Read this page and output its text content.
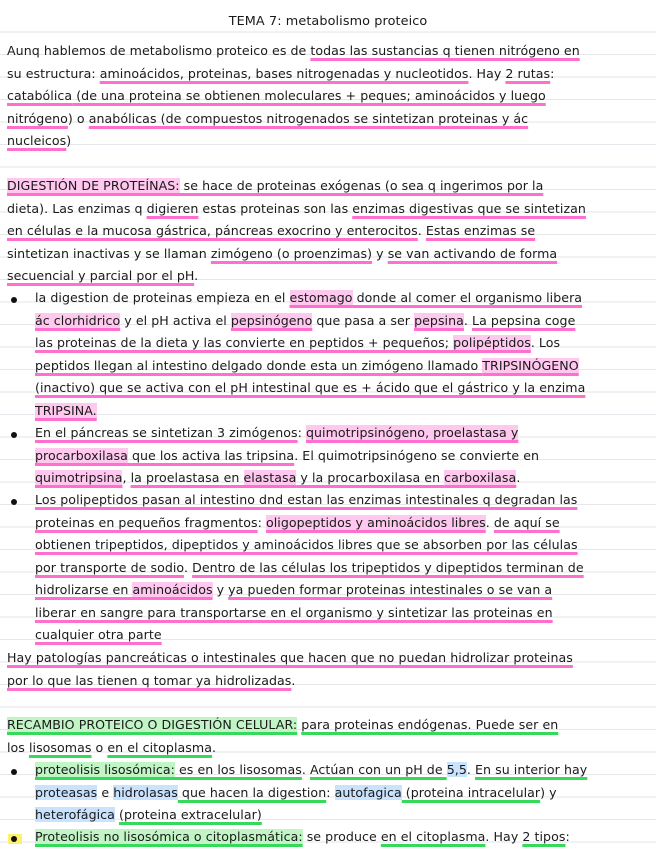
TEMA 7: metabolismo proteico

Aunq hablemos de metabolismo proteico es de todas las sustancias q tienen nitrógeno en
su estructura: aminoácidos, proteinas, bases nitrogenadas y nucleotidos. Hay 2 rutas:
catabólica (de una proteina se obtienen moleculares + peques; aminoácidos y luego
nitrógeno) o anabólicas (de compuestos nitrogenados se sintetizan proteinas y ác
nucleicos)

DIGESTIÓN DE PROTEÍNAS: se hace de proteinas exógenas (o sea q ingerimos por la
dieta). Las enzimas q digieren estas proteinas son las enzimas digestivas que se sintetizan
en células e la mucosa gástrica, páncreas exocrino y enterocitos. Estas enzimas se
sintetizan inactivas y se llaman zimógeno (o proenzimas) y se van activando de forma
secuencial y parcial por el pH.

la digestion de proteinas empieza en el estomago donde al comer el organismo libera
ác clorhidrico y el pH activa el pepsinógeno que pasa a ser pepsina. La pepsina coge
las proteinas de la dieta y las convierte en peptidos + pequeños; polipéptidos. Los
peptidos llegan al intestino delgado donde esta un zimógeno llamado TRIPSINÓGENO
(inactivo) que se activa con el pH intestinal que es + ácido que el gástrico y la enzima
TRIPSINA.

En el páncreas se sintetizan 3 zimógenos: quimotripsinógeno, proelastasa y
procarboxilasa que los activa las tripsina. El quimotripsinógeno se convierte en
quimotripsina, la proelastasa en elastasa y la procarboxilasa en carboxilasa.

Los polipeptidos pasan al intestino dnd estan las enzimas intestinales q degradan las
proteinas en pequeños fragmentos: oligopeptidos y aminoácidos libres. de aquí se
obtienen tripeptidos, dipeptidos y aminoácidos libres que se absorben por las células
por transporte de sodio. Dentro de las células los tripeptidos y dipeptidos terminan de
hidrolizarse en aminoácidos y ya pueden formar proteinas intestinales o se van a
liberar en sangre para transportarse en el organismo y sintetizar las proteinas en
cualquier otra parte

Hay patologías pancreáticas o intestinales que hacen que no puedan hidrolizar proteinas
por lo que las tienen q tomar ya hidrolizadas.

RECAMBIO PROTEICO O DIGESTIÓN CELULAR: para proteinas endógenas. Puede ser en
los lisosomas o en el citoplasma.

proteolisis lisosómica: es en los lisosomas. Actúan con un pH de 5,5. En su interior hay
proteasas e hidrolasas que hacen la digestion: autofagica (proteina intracelular) y
heterofágica (proteina extracelular)

Proteolisis no lisosómica o citoplasmática: se produce en el citoplasma. Hay 2 tipos:
